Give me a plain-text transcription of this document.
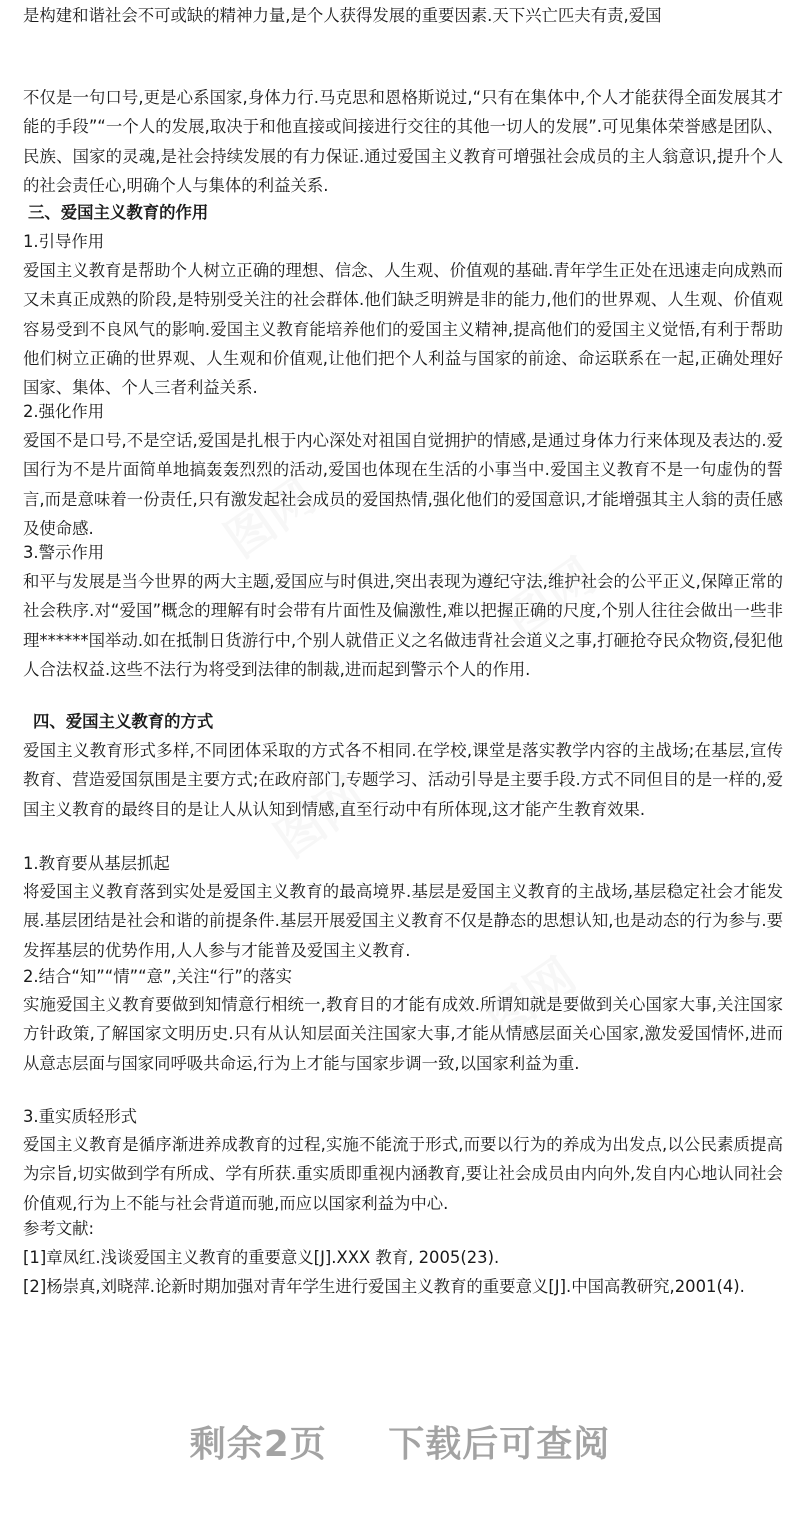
图网
图网
图网
图网

是构建和谐社会不可或缺的精神力量,是个人获得发展的重要因素.天下兴亡匹夫有责,爱国

不仅是一句口号,更是心系国家,身体力行.马克思和恩格斯说过,“只有在集体中,个人才能获得全面发展其才能的手段”“一个人的发展,取决于和他直接或间接进行交往的其他一切人的发展”.可见集体荣誉感是团队、民族、国家的灵魂,是社会持续发展的有力保证.通过爱国主义教育可增强社会成员的主人翁意识,提升个人的社会责任心,明确个人与集体的利益关系.

三、爱国主义教育的作用

1.引导作用

爱国主义教育是帮助个人树立正确的理想、信念、人生观、价值观的基础.青年学生正处在迅速走向成熟而又未真正成熟的阶段,是特别受关注的社会群体.他们缺乏明辨是非的能力,他们的世界观、人生观、价值观容易受到不良风气的影响.爱国主义教育能培养他们的爱国主义精神,提高他们的爱国主义觉悟,有利于帮助他们树立正确的世界观、人生观和价值观,让他们把个人利益与国家的前途、命运联系在一起,正确处理好国家、集体、个人三者利益关系.

2.强化作用

爱国不是口号,不是空话,爱国是扎根于内心深处对祖国自觉拥护的情感,是通过身体力行来体现及表达的.爱国行为不是片面简单地搞轰轰烈烈的活动,爱国也体现在生活的小事当中.爱国主义教育不是一句虚伪的誓言,而是意味着一份责任,只有激发起社会成员的爱国热情,强化他们的爱国意识,才能增强其主人翁的责任感及使命感.

3.警示作用

和平与发展是当今世界的两大主题,爱国应与时俱进,突出表现为遵纪守法,维护社会的公平正义,保障正常的社会秩序.对“爱国”概念的理解有时会带有片面性及偏激性,难以把握正确的尺度,个别人往往会做出一些非理******国举动.如在抵制日货游行中,个别人就借正义之名做违背社会道义之事,打砸抢夺民众物资,侵犯他人合法权益.这些不法行为将受到法律的制裁,进而起到警示个人的作用.

四、爱国主义教育的方式

爱国主义教育形式多样,不同团体采取的方式各不相同.在学校,课堂是落实教学内容的主战场;在基层,宣传教育、营造爱国氛围是主要方式;在政府部门,专题学习、活动引导是主要手段.方式不同但目的是一样的,爱国主义教育的最终目的是让人从认知到情感,直至行动中有所体现,这才能产生教育效果.

1.教育要从基层抓起

将爱国主义教育落到实处是爱国主义教育的最高境界.基层是爱国主义教育的主战场,基层稳定社会才能发展.基层团结是社会和谐的前提条件.基层开展爱国主义教育不仅是静态的思想认知,也是动态的行为参与.要发挥基层的优势作用,人人参与才能普及爱国主义教育.

2.结合“知”“情”“意”,关注“行”的落实

实施爱国主义教育要做到知情意行相统一,教育目的才能有成效.所谓知就是要做到关心国家大事,关注国家方针政策,了解国家文明历史.只有从认知层面关注国家大事,才能从情感层面关心国家,激发爱国情怀,进而从意志层面与国家同呼吸共命运,行为上才能与国家步调一致,以国家利益为重.

3.重实质轻形式

爱国主义教育是循序渐进养成教育的过程,实施不能流于形式,而要以行为的养成为出发点,以公民素质提高为宗旨,切实做到学有所成、学有所获.重实质即重视内涵教育,要让社会成员由内向外,发自内心地认同社会价值观,行为上不能与社会背道而驰,而应以国家利益为中心.

参考文献:

[1]章凤红.浅谈爱国主义教育的重要意义[J].XXX 教育, 2005(23).

[2]杨崇真,刘晓萍.论新时期加强对青年学生进行爱国主义教育的重要意义[J].中国高教研究,2001(4).

剩余2页 下载后可查阅
